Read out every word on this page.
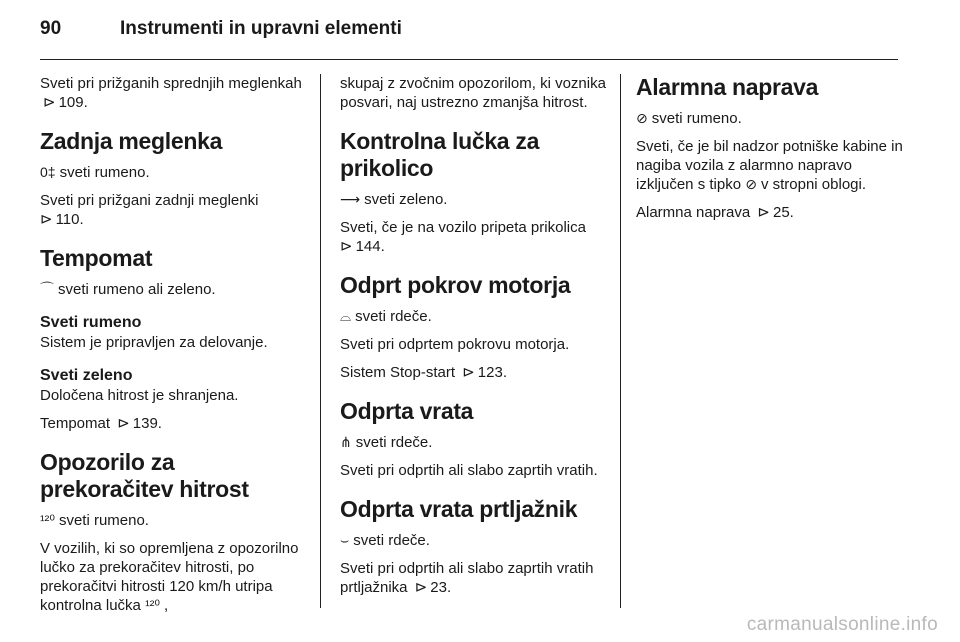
90	Instrumenti in upravni elementi

Sveti pri prižganih sprednjih meglenkah ⊳ 109.

Zadnja meglenka

0‡ sveti rumeno.

Sveti pri prižgani zadnji meglenki
⊳ 110.

Tempomat

⌒ sveti rumeno ali zeleno.

Sveti rumeno

Sistem je pripravljen za delovanje.

Sveti zeleno

Določena hitrost je shranjena.

Tempomat ⊳ 139.

Opozorilo za prekoračitev hitrost

¹²⁰ sveti rumeno.

V vozilih, ki so opremljena z opozorilno lučko za prekoračitev hitrosti, po prekoračitvi hitrosti 120 km/h utripa kontrolna lučka ¹²⁰ ,

skupaj z zvočnim opozorilom, ki voznika posvari, naj ustrezno zmanjša hitrost.

Kontrolna lučka za prikolico

⟶ sveti zeleno.

Sveti, če je na vozilo pripeta prikolica
⊳ 144.

Odprt pokrov motorja

⌓ sveti rdeče.

Sveti pri odprtem pokrovu motorja.

Sistem Stop-start ⊳ 123.

Odprta vrata

⋔ sveti rdeče.

Sveti pri odprtih ali slabo zaprtih vratih.

Odprta vrata prtljažnik

⌣ sveti rdeče.

Sveti pri odprtih ali slabo zaprtih vratih prtljažnika ⊳ 23.

Alarmna naprava

⊘ sveti rumeno.

Sveti, če je bil nadzor potniške kabine in nagiba vozila z alarmno napravo izključen s tipko ⊘ v stropni oblogi.

Alarmna naprava ⊳ 25.

carmanualsonline.info
